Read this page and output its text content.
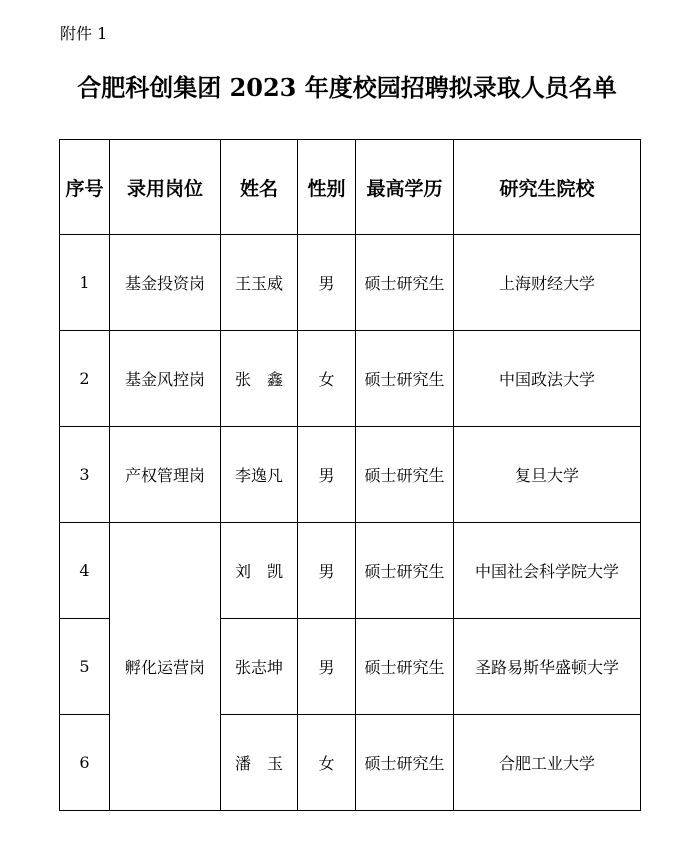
附件 1
合肥科创集团 2023 年度校园招聘拟录取人员名单
序号	录用岗位	姓名	性别	最高学历	研究生院校
1	基金投资岗	王玉威	男	硕士研究生	上海财经大学
2	基金风控岗	张　鑫	女	硕士研究生	中国政法大学
3	产权管理岗	李逸凡	男	硕士研究生	复旦大学
4	孵化运营岗	刘　凯	男	硕士研究生	中国社会科学院大学
5		张志坤	男	硕士研究生	圣路易斯华盛顿大学
6		潘　玉	女	硕士研究生	合肥工业大学
